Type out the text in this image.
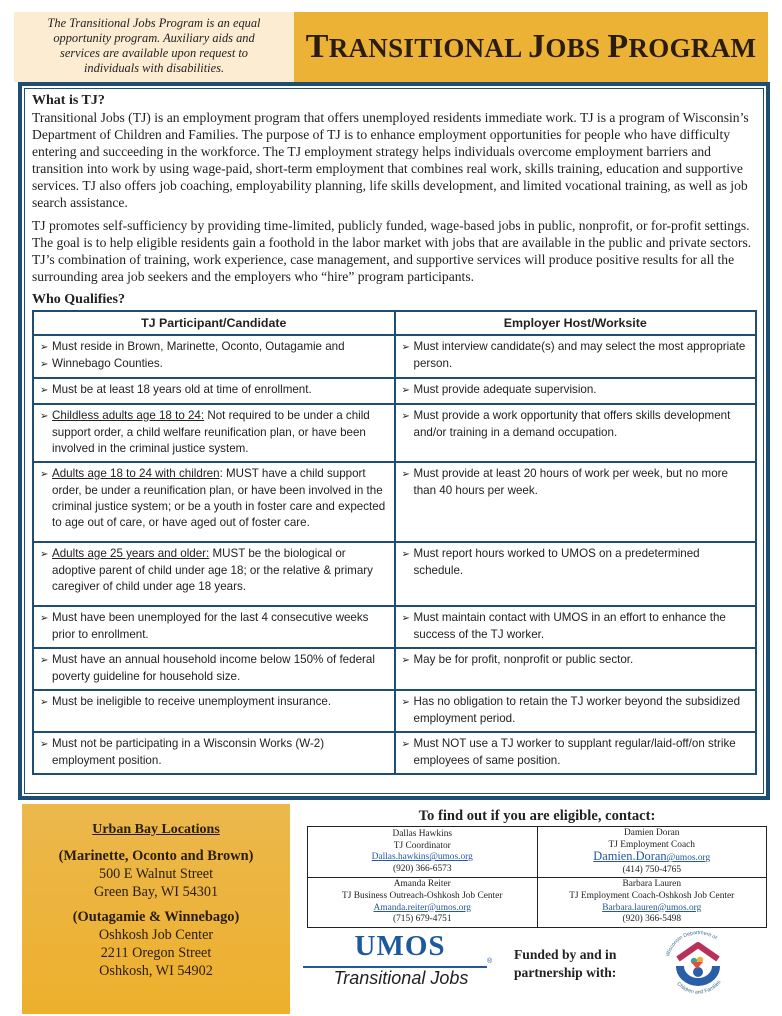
The Transitional Jobs Program is an equal
opportunity program. Auxiliary aids and
services are available upon request to
individuals with disabilities.
TRANSITIONAL JOBS PROGRAM
What is TJ?

Transitional Jobs (TJ) is an employment program that offers unemployed residents immediate work. TJ is a program of Wisconsin’s Department of Children and Families. The purpose of TJ is to enhance employment opportunities for people who have difficulty entering and succeeding in the workforce. The TJ employment strategy helps individuals overcome employment barriers and transition into work by using wage-paid, short-term employment that combines real work, skills training, education and supportive services. TJ also offers job coaching, employability planning, life skills development, and limited vocational training, as well as job search assistance.

TJ promotes self-sufficiency by providing time-limited, publicly funded, wage-based jobs in public, nonprofit, or for-profit settings. The goal is to help eligible residents gain a foothold in the labor market with jobs that are available in the public and private sectors. TJ’s combination of training, work experience, case management, and supportive services will produce positive results for all the surrounding area job seekers and the employers who “hire” program participants.

Who Qualifies?
TJ Participant/Candidate	Employer Host/Worksite

➢ Must reside in Brown, Marinette, Oconto, Outagamie and
➢ Winnebago Counties.	➢ Must interview candidate(s) and may select the most appropriate person.

➢ Must be at least 18 years old at time of enrollment.	➢ Must provide adequate supervision.

➢ Childless adults age 18 to 24: Not required to be under a child support order, a child welfare reunification plan, or have been involved in the criminal justice system.	➢ Must provide a work opportunity that offers skills development and/or training in a demand occupation.

➢ Adults age 18 to 24 with children: MUST have a child support order, be under a reunification plan, or have been involved in the criminal justice system; or be a youth in foster care and expected to age out of care, or have aged out of foster care.	➢ Must provide at least 20 hours of work per week, but no more than 40 hours per week.

➢ Adults age 25 years and older: MUST be the biological or adoptive parent of child under age 18; or the relative & primary caregiver of child under age 18 years.	➢ Must report hours worked to UMOS on a predetermined schedule.

➢ Must have been unemployed for the last 4 consecutive weeks prior to enrollment.	➢ Must maintain contact with UMOS in an effort to enhance the success of the TJ worker.

➢ Must have an annual household income below 150% of federal poverty guideline for household size.	➢ May be for profit, nonprofit or public sector.

➢ Must be ineligible to receive unemployment insurance.	➢ Has no obligation to retain the TJ worker beyond the subsidized employment period.

➢ Must not be participating in a Wisconsin Works (W-2) employment position.	➢ Must NOT use a TJ worker to supplant regular/laid-off/on strike employees of same position.
Urban Bay Locations
(Marinette, Oconto and Brown)
500 E Walnut Street
Green Bay, WI 54301
(Outagamie & Winnebago)
Oshkosh Job Center
2211 Oregon Street
Oshkosh, WI 54902
To find out if you are eligible, contact:
Dallas Hawkins
TJ Coordinator
Dallas.hawkins@umos.org
(920) 366-6573

Damien Doran
TJ Employment Coach
Damien.Doran@umos.org
(414) 750-4765

Amanda Reiter
TJ Business Outreach-Oshkosh Job Center
Amanda.reiter@umos.org
(715) 679-4751

Barbara Lauren
TJ Employment Coach-Oshkosh Job Center
Barbara.lauren@umos.org
(920) 366-5498
UMOS	®
Transitional Jobs
Funded by and in
partnership with:
Wisconsin Department of
Children and Families
